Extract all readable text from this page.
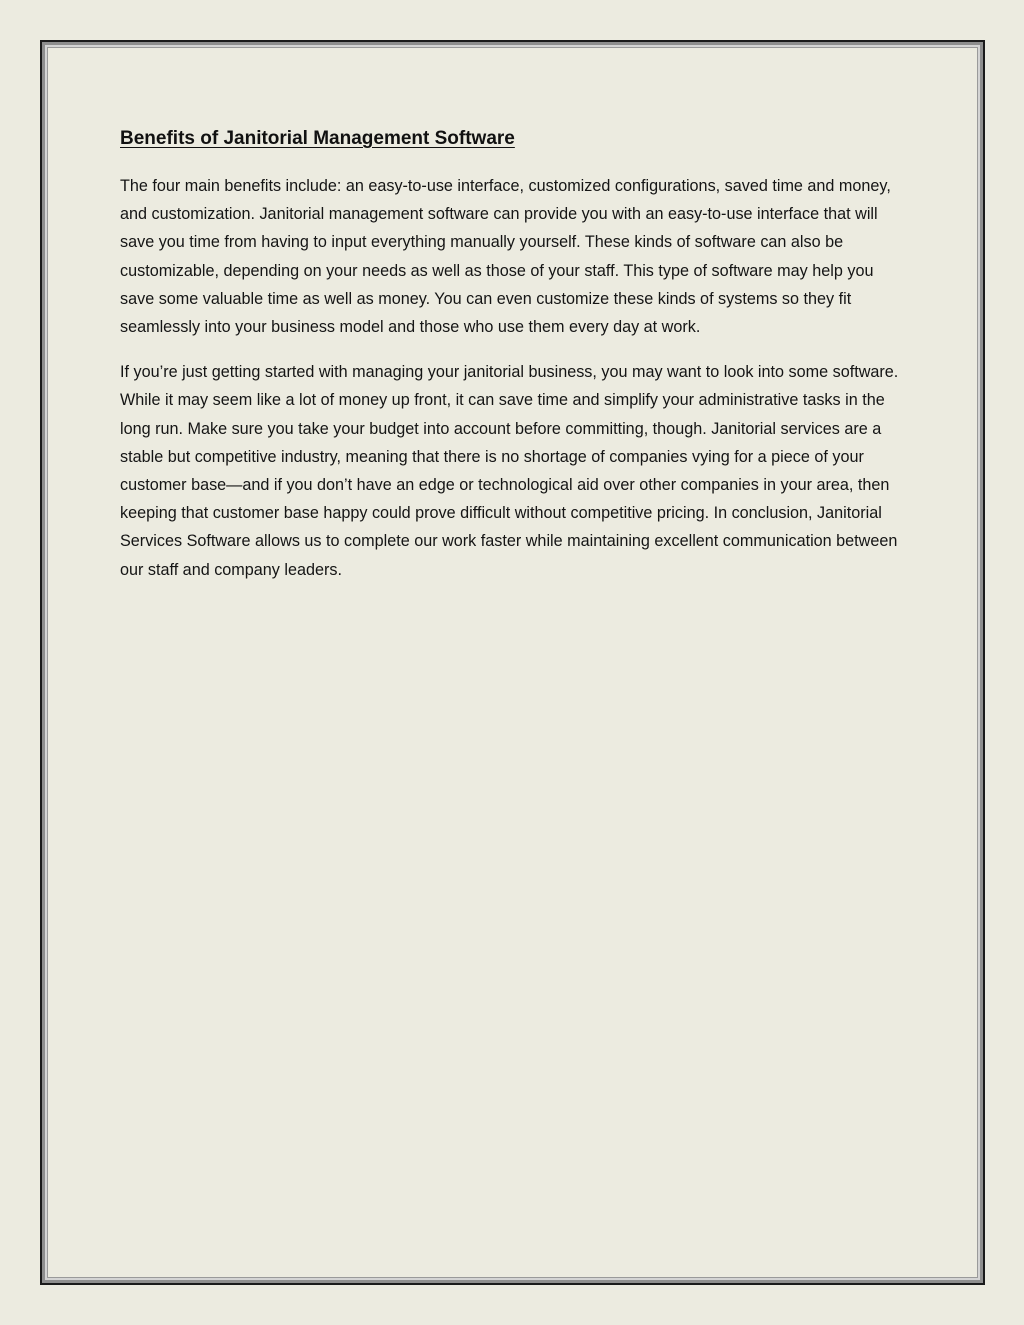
Benefits of Janitorial Management Software

The four main benefits include: an easy-to-use interface, customized configurations, saved time and money, and customization. Janitorial management software can provide you with an easy-to-use interface that will save you time from having to input everything manually yourself. These kinds of software can also be customizable, depending on your needs as well as those of your staff. This type of software may help you save some valuable time as well as money. You can even customize these kinds of systems so they fit seamlessly into your business model and those who use them every day at work.

If you’re just getting started with managing your janitorial business, you may want to look into some software. While it may seem like a lot of money up front, it can save time and simplify your administrative tasks in the long run. Make sure you take your budget into account before committing, though. Janitorial services are a stable but competitive industry, meaning that there is no shortage of companies vying for a piece of your customer base—and if you don’t have an edge or technological aid over other companies in your area, then keeping that customer base happy could prove difficult without competitive pricing. In conclusion, Janitorial Services Software allows us to complete our work faster while maintaining excellent communication between our staff and company leaders.
